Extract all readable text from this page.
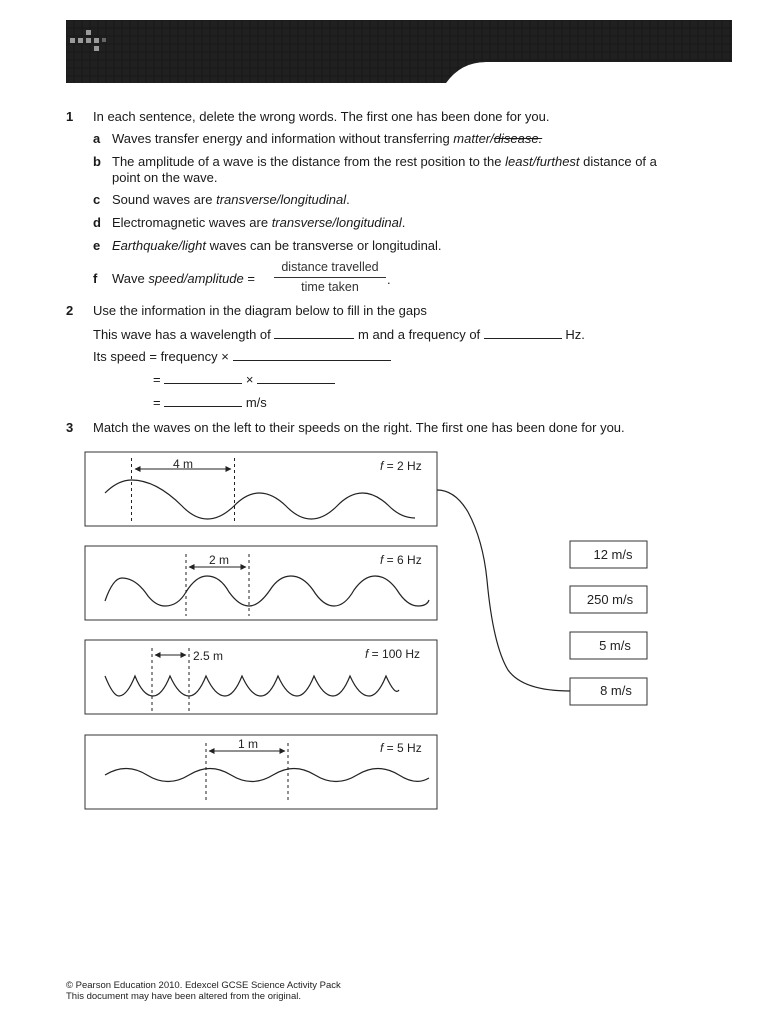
1 In each sentence, delete the wrong words. The first one has been done for you.
a Waves transfer energy and information without transferring matter/disease.
b The amplitude of a wave is the distance from the rest position to the least/furthest distance of a
point on the wave.
c Sound waves are transverse/longitudinal.
d Electromagnetic waves are transverse/longitudinal.
e Earthquake/light waves can be transverse or longitudinal.
f Wave speed/amplitude =
distance travelled
time taken	.
2 Use the information in the diagram below to fill in the gaps
This wave has a wavelength of	m and a frequency of	Hz.
Its speed = frequency ×
=	×
=	m/s
3 Match the waves on the left to their speeds on the right. The first one has been done for you.
4 m	f = 2 Hz
2 m	f = 6 Hz
2.5 m	f = 100 Hz
1 m	f = 5 Hz
12 m/s
250 m/s
5 m/s
8 m/s
© Pearson Education 2010. Edexcel GCSE Science Activity Pack
This document may have been altered from the original.
